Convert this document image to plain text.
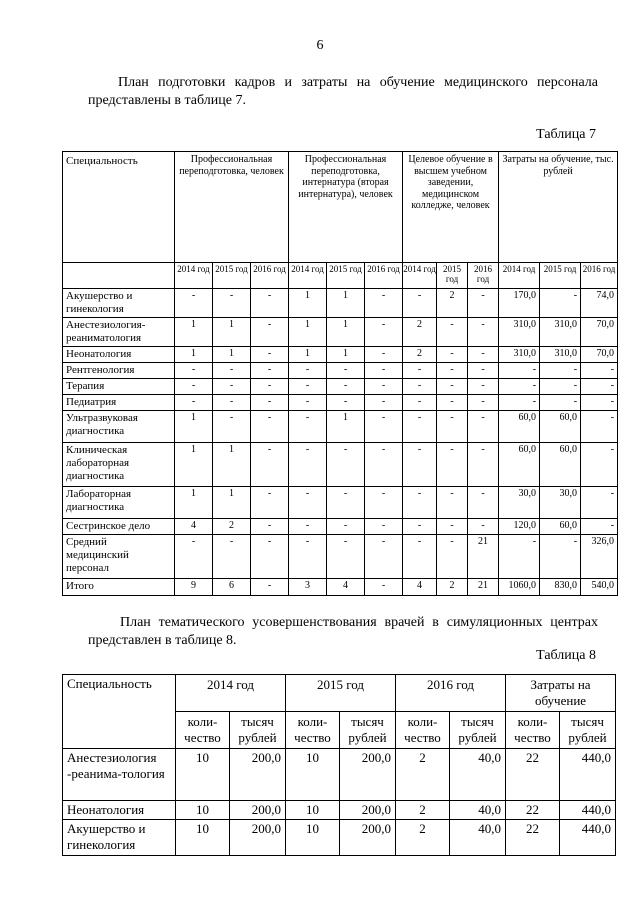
6
План подготовки кадров и затраты на обучение медицинского персонала представлены в таблице 7.
Таблица 7
Специальность	Профессиональная переподготовка, человек			Профессиональная переподготовка, интернатура (вторая интернатура), человек			Целевое обучение в высшем учебном заведении, медицинском колледже, человек			Затраты на обучение, тыс. рублей		
	2014 год	2015 год	2016 год	2014 год	2015 год	2016 год	2014 год	2015 год	2016 год	2014 год	2015 год	2016 год
Акушерство и гинекология	-	-	-	1	1	-	-	2	-	170,0	-	74,0
Анестезиология-реаниматология	1	1	-	1	1	-	2	-	-	310,0	310,0	70,0
Неонатология	1	1	-	1	1	-	2	-	-	310,0	310,0	70,0
Рентгенология	-	-	-	-	-	-	-	-	-	-	-	-
Терапия	-	-	-	-	-	-	-	-	-	-	-	-
Педиатрия	-	-	-	-	-	-	-	-	-	-	-	-
Ультразвуковая диагностика	1	-	-	-	1	-	-	-	-	60,0	60,0	-
Клиническая лабораторная диагностика	1	1	-	-	-	-	-	-	-	60,0	60,0	-
Лабораторная диагностика	1	1	-	-	-	-	-	-	-	30,0	30,0	-
Сестринское дело	4	2	-	-	-	-	-	-	-	120,0	60,0	-
Средний медицинский персонал	-	-	-	-	-	-	-	-	21	-	-	326,0
Итого	9	6	-	3	4	-	4	2	21	1060,0	830,0	540,0
План тематического усовершенствования врачей в симуляционных центрах представлен в таблице 8.
Таблица 8
Специальность	2014 год		2015 год		2016 год		Затраты на обучение	
	коли-чество	тысяч рублей	коли-чество	тысяч рублей	коли-чество	тысяч рублей	коли-чество	тысяч рублей
Анестезиология -реанима-тология	10	200,0	10	200,0	2	40,0	22	440,0
Неонатология	10	200,0	10	200,0	2	40,0	22	440,0
Акушерство и гинекология	10	200,0	10	200,0	2	40,0	22	440,0
